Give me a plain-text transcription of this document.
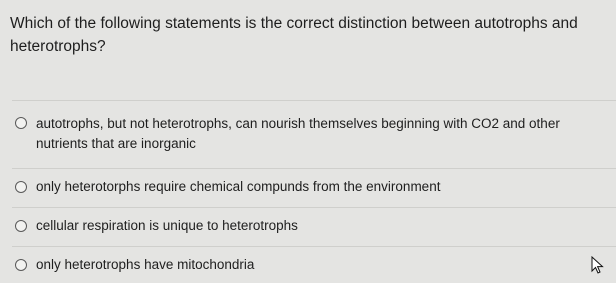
Which of the following statements is the correct distinction between autotrophs and heterotrophs?
autotrophs, but not heterotrophs, can nourish themselves beginning with CO2 and other nutrients that are inorganic
only heterotorphs require chemical compunds from the environment
cellular respiration is unique to heterotrophs
only heterotrophs have mitochondria
